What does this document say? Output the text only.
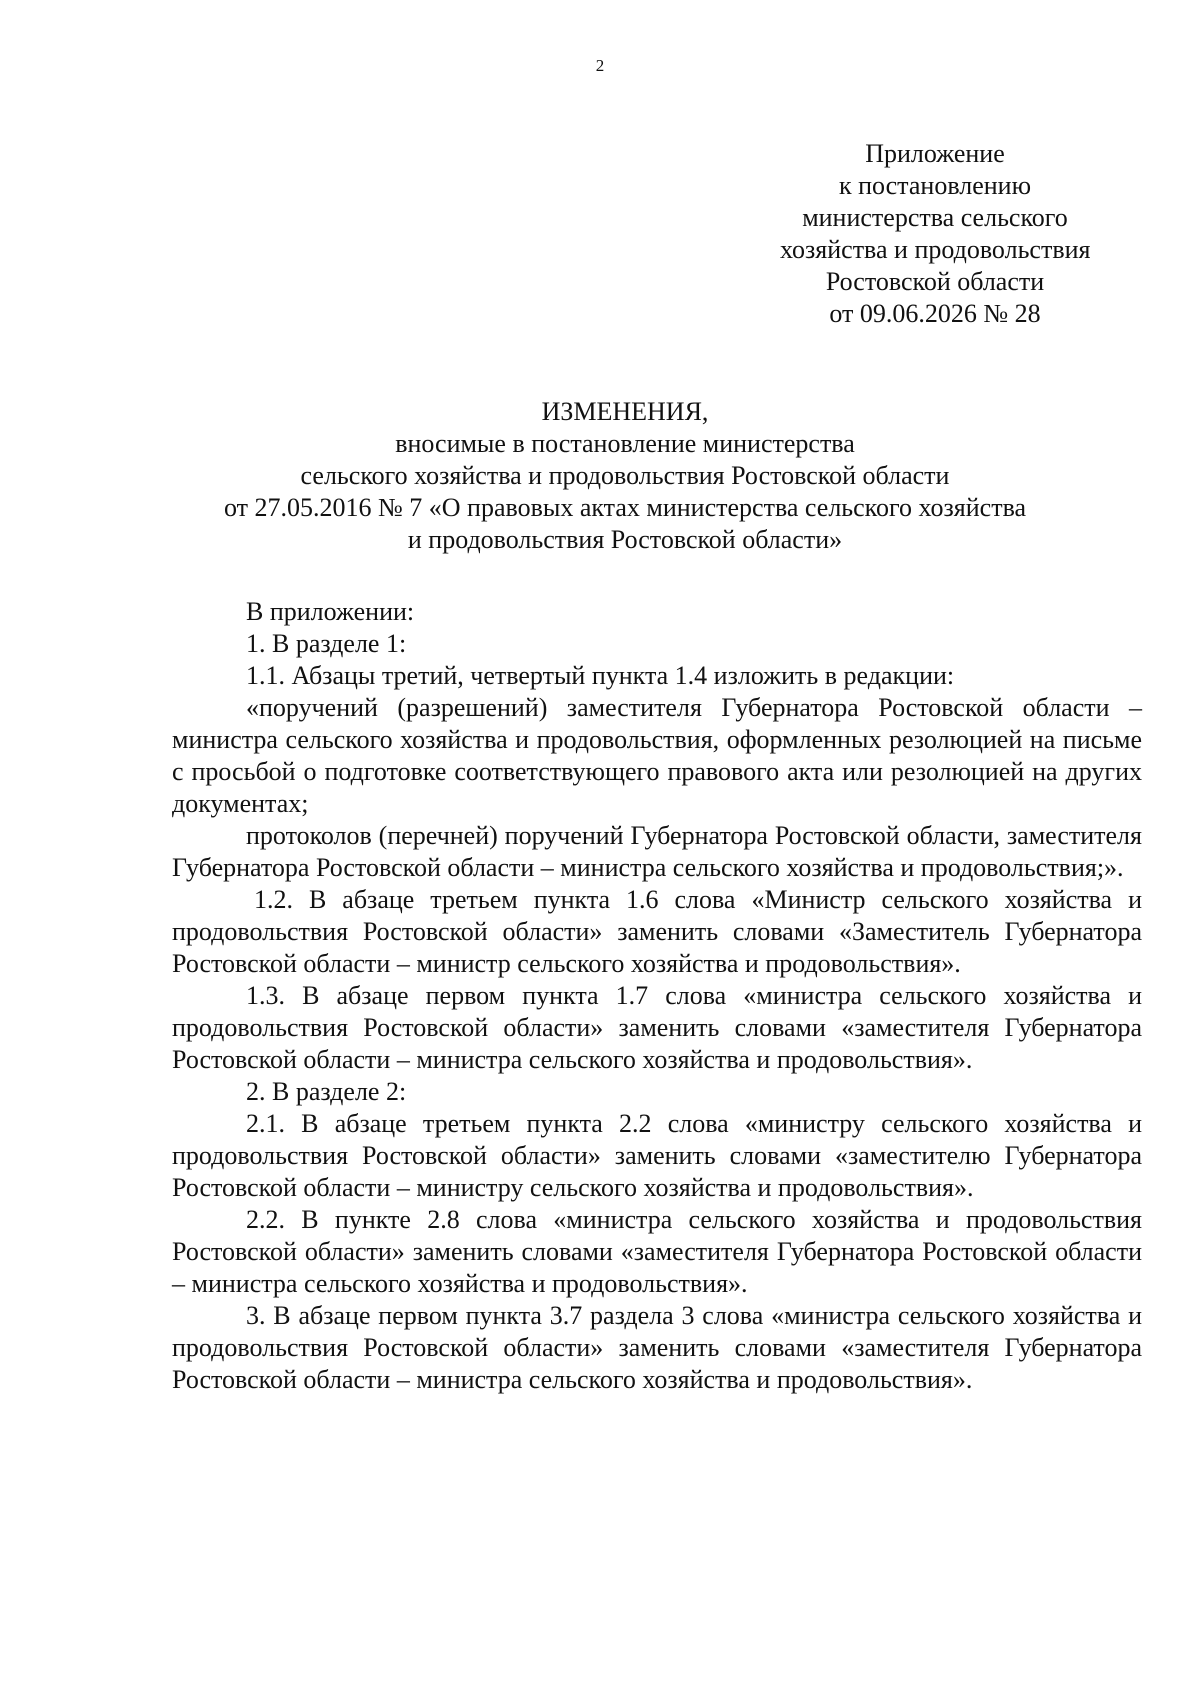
2
Приложение
к постановлению
министерства сельского
хозяйства и продовольствия
Ростовской области
от 09.06.2026 № 28
ИЗМЕНЕНИЯ,
вносимые в постановление министерства
сельского хозяйства и продовольствия Ростовской области
от 27.05.2016 № 7 «О правовых актах министерства сельского хозяйства
и продовольствия Ростовской области»

В приложении:

1. В разделе 1:

1.1. Абзацы третий, четвертый пункта 1.4 изложить в редакции:

«поручений (разрешений) заместителя Губернатора Ростовской области – министра сельского хозяйства и продовольствия, оформленных резолюцией на письме с просьбой о подготовке соответствующего правового акта или резолюцией на других документах;

протоколов (перечней) поручений Губернатора Ростовской области, заместителя Губернатора Ростовской области – министра сельского хозяйства и продовольствия;».

1.2. В абзаце третьем пункта 1.6 слова «Министр сельского хозяйства и продовольствия Ростовской области» заменить словами «Заместитель Губернатора Ростовской области – министр сельского хозяйства и продовольствия».

1.3. В абзаце первом пункта 1.7 слова «министра сельского хозяйства и продовольствия Ростовской области» заменить словами «заместителя Губернатора Ростовской области – министра сельского хозяйства и продовольствия».

2. В разделе 2:

2.1. В абзаце третьем пункта 2.2 слова «министру сельского хозяйства и продовольствия Ростовской области» заменить словами «заместителю Губернатора Ростовской области – министру сельского хозяйства и продовольствия».

2.2. В пункте 2.8 слова «министра сельского хозяйства и продовольствия Ростовской области» заменить словами «заместителя Губернатора Ростовской области – министра сельского хозяйства и продовольствия».

3. В абзаце первом пункта 3.7 раздела 3 слова «министра сельского хозяйства и продовольствия Ростовской области» заменить словами «заместителя Губернатора Ростовской области – министра сельского хозяйства и продовольствия».
